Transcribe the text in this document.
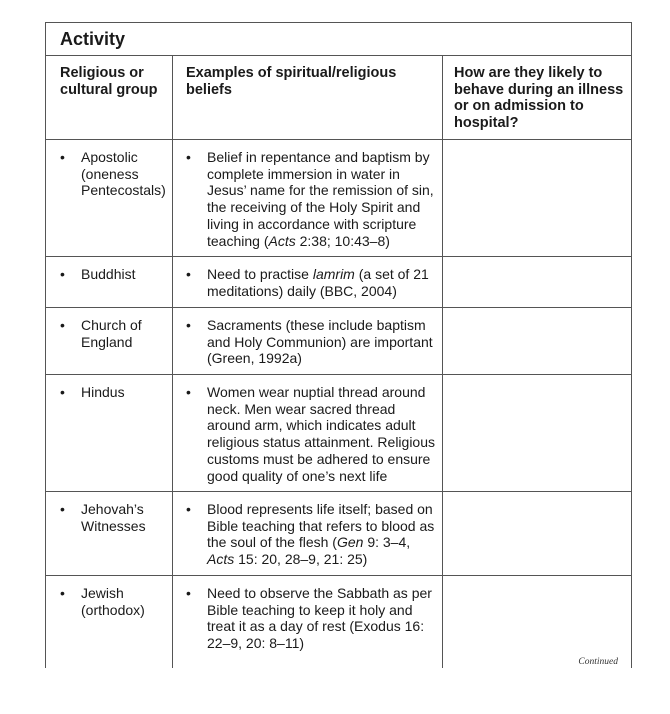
Activity
Religious or cultural group
Examples of spiritual/religious beliefs
How are they likely to behave during an illness or on admission to hospital?
• Apostolic (oneness Pentecostals)
• Belief in repentance and baptism by complete immersion in water in Jesus’ name for the remission of sin, the receiving of the Holy Spirit and living in accordance with scripture teaching (Acts 2:38; 10:43–8)
• Buddhist	• Need to practise lamrim (a set of 21 meditations) daily (BBC, 2004)
• Church of England
• Sacraments (these include baptism and Holy Communion) are important (Green, 1992a)
• Hindus	• Women wear nuptial thread around neck. Men wear sacred thread around arm, which indicates adult religious status attainment. Religious customs must be adhered to ensure good quality of one’s next life
• Jehovah’s Witnesses
• Blood represents life itself; based on Bible teaching that refers to blood as the soul of the flesh (Gen 9: 3–4, Acts 15: 20, 28–9, 21: 25)
• Jewish (orthodox)
• Need to observe the Sabbath as per Bible teaching to keep it holy and treat it as a day of rest (Exodus 16: 22–9, 20: 8–11)
Continued
